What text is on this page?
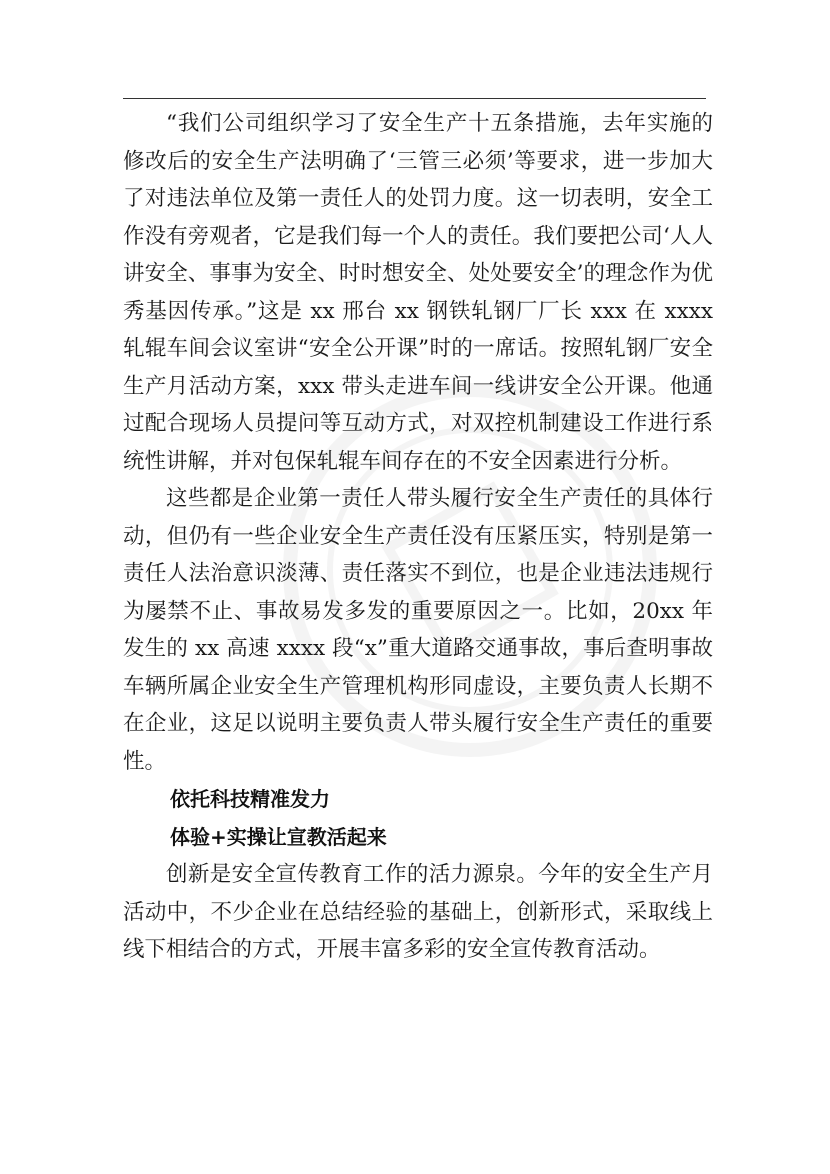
“我们公司组织学习了安全生产十五条措施，去年实施的修改后的安全生产法明确了‘三管三必须’等要求，进一步加大了对违法单位及第一责任人的处罚力度。这一切表明，安全工作没有旁观者，它是我们每一个人的责任。我们要把公司‘人人讲安全、事事为安全、时时想安全、处处要安全’的理念作为优秀基因传承。”这是 xx 邢台 xx 钢铁轧钢厂厂长 xxx 在 xxxx 轧辊车间会议室讲“安全公开课”时的一席话。按照轧钢厂安全生产月活动方案，xxx 带头走进车间一线讲安全公开课。他通过配合现场人员提问等互动方式，对双控机制建设工作进行系统性讲解，并对包保轧辊车间存在的不安全因素进行分析。

这些都是企业第一责任人带头履行安全生产责任的具体行动，但仍有一些企业安全生产责任没有压紧压实，特别是第一责任人法治意识淡薄、责任落实不到位，也是企业违法违规行为屡禁不止、事故易发多发的重要原因之一。比如，20xx 年发生的 xx 高速 xxxx 段“x”重大道路交通事故，事后查明事故车辆所属企业安全生产管理机构形同虚设，主要负责人长期不在企业，这足以说明主要负责人带头履行安全生产责任的重要性。

依托科技精准发力

体验+实操让宣教活起来

创新是安全宣传教育工作的活力源泉。今年的安全生产月活动中，不少企业在总结经验的基础上，创新形式，采取线上线下相结合的方式，开展丰富多彩的安全宣传教育活动。
